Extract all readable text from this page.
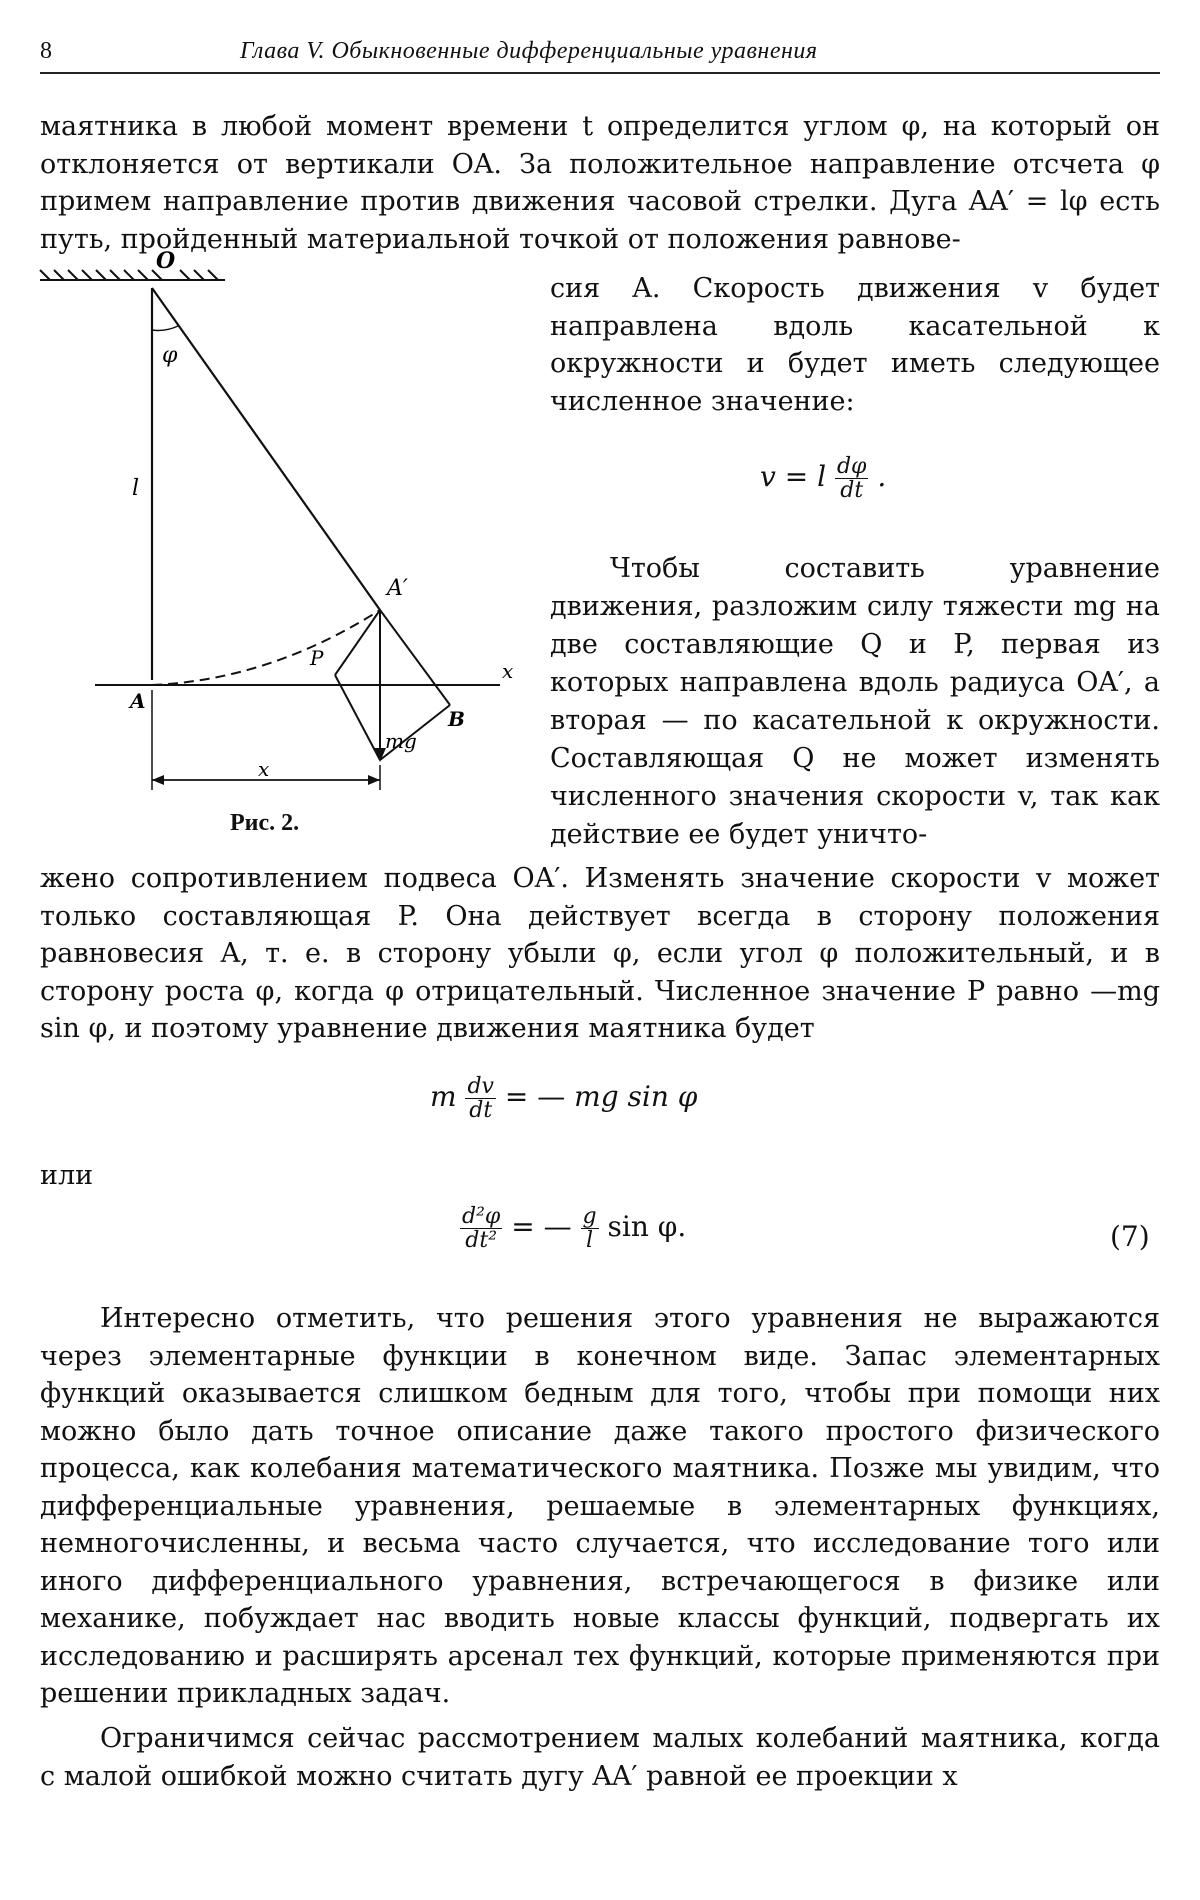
8	Глава V. Обыкновенные дифференциальные уравнения

маятника в любой момент времени t определится углом φ, на который он отклоняется от вертикали OA. За положительное направление отсчета φ примем направление против движения часовой стрелки. Дуга AA′ = lφ есть путь, пройденный материальной точкой от положения равнове-

O
φ
l
A′
A
B
P
mg
x
x
Рис. 2.

сия A. Скорость движения v будет направлена вдоль касательной к окружности и будет иметь следующее численное значение:

v = l dφ
dt .

Чтобы составить уравнение движения, разложим силу тяжести mg на две составляющие Q и P, первая из которых направлена вдоль радиуса OA′, а вторая — по касательной к окружности. Составляющая Q не может изменять численного значения скорости v, так как действие ее будет уничто-

жено сопротивлением подвеса OA′. Изменять значение скорости v может только составляющая P. Она действует всегда в сторону положения равновесия A, т. е. в сторону убыли φ, если угол φ положительный, и в сторону роста φ, когда φ отрицательный. Численное значение P равно —mg sin φ, и поэтому уравнение движения маятника будет

m dv
dt = — mg sin φ
или
d²φ
dt² = — g
l sin φ.	(7)

Интересно отметить, что решения этого уравнения не выражаются через элементарные функции в конечном виде. Запас элементарных функций оказывается слишком бедным для того, чтобы при помощи них можно было дать точное описание даже такого простого физического процесса, как колебания математического маятника. Позже мы увидим, что дифференциальные уравнения, решаемые в элементарных функциях, немногочисленны, и весьма часто случается, что исследование того или иного дифференциального уравнения, встречающегося в физике или механике, побуждает нас вводить новые классы функций, подвергать их исследованию и расширять арсенал тех функций, которые применяются при решении прикладных задач.

Ограничимся сейчас рассмотрением малых колебаний маятника, когда с малой ошибкой можно считать дугу AA′ равной ее проекции x
